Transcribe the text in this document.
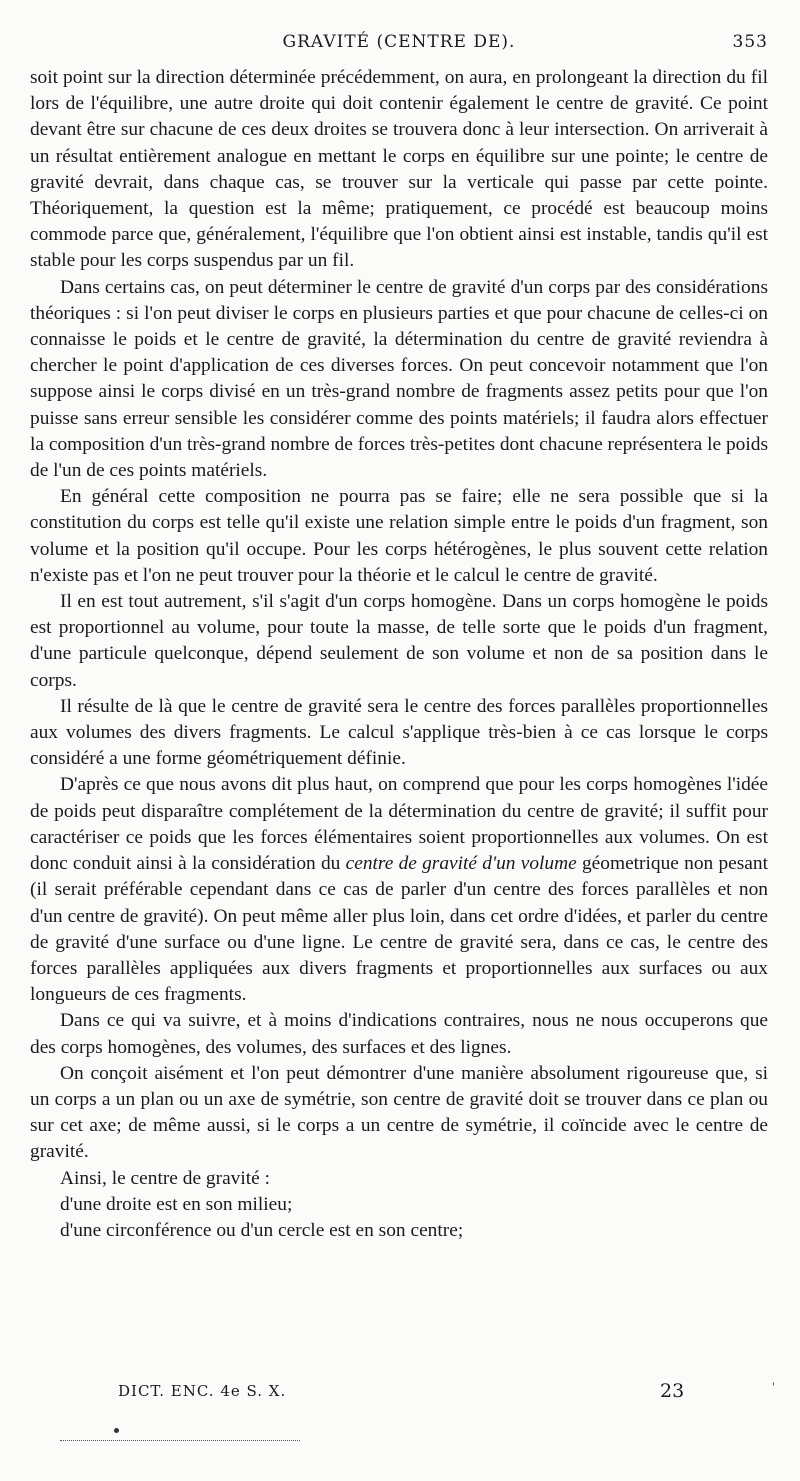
GRAVITÉ (CENTRE DE).	353

soit point sur la direction déterminée précédemment, on aura, en prolongeant la direction du fil lors de l'équilibre, une autre droite qui doit contenir également le centre de gravité. Ce point devant être sur chacune de ces deux droites se trouvera donc à leur intersection. On arriverait à un résultat entièrement analogue en mettant le corps en équilibre sur une pointe; le centre de gravité devrait, dans chaque cas, se trouver sur la verticale qui passe par cette pointe. Théoriquement, la question est la même; pratiquement, ce procédé est beaucoup moins commode parce que, généralement, l'équilibre que l'on obtient ainsi est instable, tandis qu'il est stable pour les corps suspendus par un fil.

Dans certains cas, on peut déterminer le centre de gravité d'un corps par des considérations théoriques : si l'on peut diviser le corps en plusieurs parties et que pour chacune de celles-ci on connaisse le poids et le centre de gravité, la détermination du centre de gravité reviendra à chercher le point d'application de ces diverses forces. On peut concevoir notamment que l'on suppose ainsi le corps divisé en un très-grand nombre de fragments assez petits pour que l'on puisse sans erreur sensible les considérer comme des points matériels; il faudra alors effectuer la composition d'un très-grand nombre de forces très-petites dont chacune représentera le poids de l'un de ces points matériels.

En général cette composition ne pourra pas se faire; elle ne sera possible que si la constitution du corps est telle qu'il existe une relation simple entre le poids d'un fragment, son volume et la position qu'il occupe. Pour les corps hétérogènes, le plus souvent cette relation n'existe pas et l'on ne peut trouver pour la théorie et le calcul le centre de gravité.

Il en est tout autrement, s'il s'agit d'un corps homogène. Dans un corps homogène le poids est proportionnel au volume, pour toute la masse, de telle sorte que le poids d'un fragment, d'une particule quelconque, dépend seulement de son volume et non de sa position dans le corps.

Il résulte de là que le centre de gravité sera le centre des forces parallèles proportionnelles aux volumes des divers fragments. Le calcul s'applique très-bien à ce cas lorsque le corps considéré a une forme géométriquement définie.

D'après ce que nous avons dit plus haut, on comprend que pour les corps homogènes l'idée de poids peut disparaître complétement de la détermination du centre de gravité; il suffit pour caractériser ce poids que les forces élémentaires soient proportionnelles aux volumes. On est donc conduit ainsi à la considération du centre de gravité d'un volume géometrique non pesant (il serait préférable cependant dans ce cas de parler d'un centre des forces parallèles et non d'un centre de gravité). On peut même aller plus loin, dans cet ordre d'idées, et parler du centre de gravité d'une surface ou d'une ligne. Le centre de gravité sera, dans ce cas, le centre des forces parallèles appliquées aux divers fragments et proportionnelles aux surfaces ou aux longueurs de ces fragments.

Dans ce qui va suivre, et à moins d'indications contraires, nous ne nous occuperons que des corps homogènes, des volumes, des surfaces et des lignes.

On conçoit aisément et l'on peut démontrer d'une manière absolument rigoureuse que, si un corps a un plan ou un axe de symétrie, son centre de gravité doit se trouver dans ce plan ou sur cet axe; de même aussi, si le corps a un centre de symétrie, il coïncide avec le centre de gravité.

Ainsi, le centre de gravité :
d'une droite est en son milieu;
d'une circonférence ou d'un cercle est en son centre;
DICT. ENC. 4e S. X.	23	'
